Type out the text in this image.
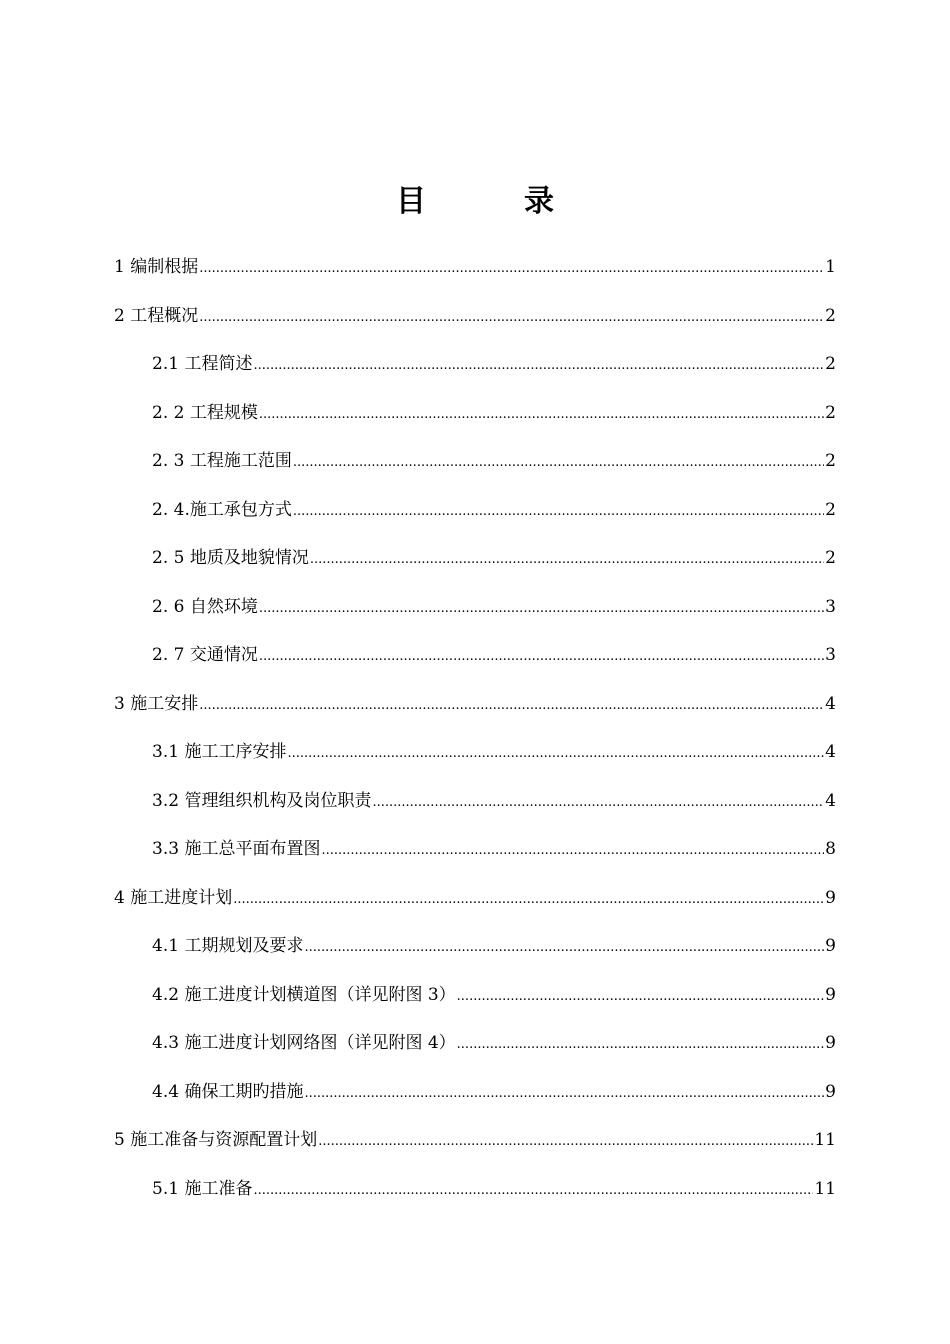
目　录
1 编制根据 .....	1
2 工程概况 .....	2
2.1 工程简述 .....	2
2. 2 工程规模 .....	2
2. 3 工程施工范围 .....	2
2. 4.施工承包方式 .....	2
2. 5 地质及地貌情况 .....	2
2. 6 自然环境 .....	3
2. 7 交通情况 .....	3
3 施工安排 .....	4
3.1 施工工序安排 .....	4
3.2 管理组织机构及岗位职责 .....	4
3.3 施工总平面布置图 .....	8
4 施工进度计划 .....	9
4.1 工期规划及要求 .....	9
4.2 施工进度计划横道图（详见附图 3） .....	9
4.3 施工进度计划网络图（详见附图 4） .....	9
4.4 确保工期旳措施 .....	9
5 施工准备与资源配置计划 .....	11
5.1 施工准备 .....	11
